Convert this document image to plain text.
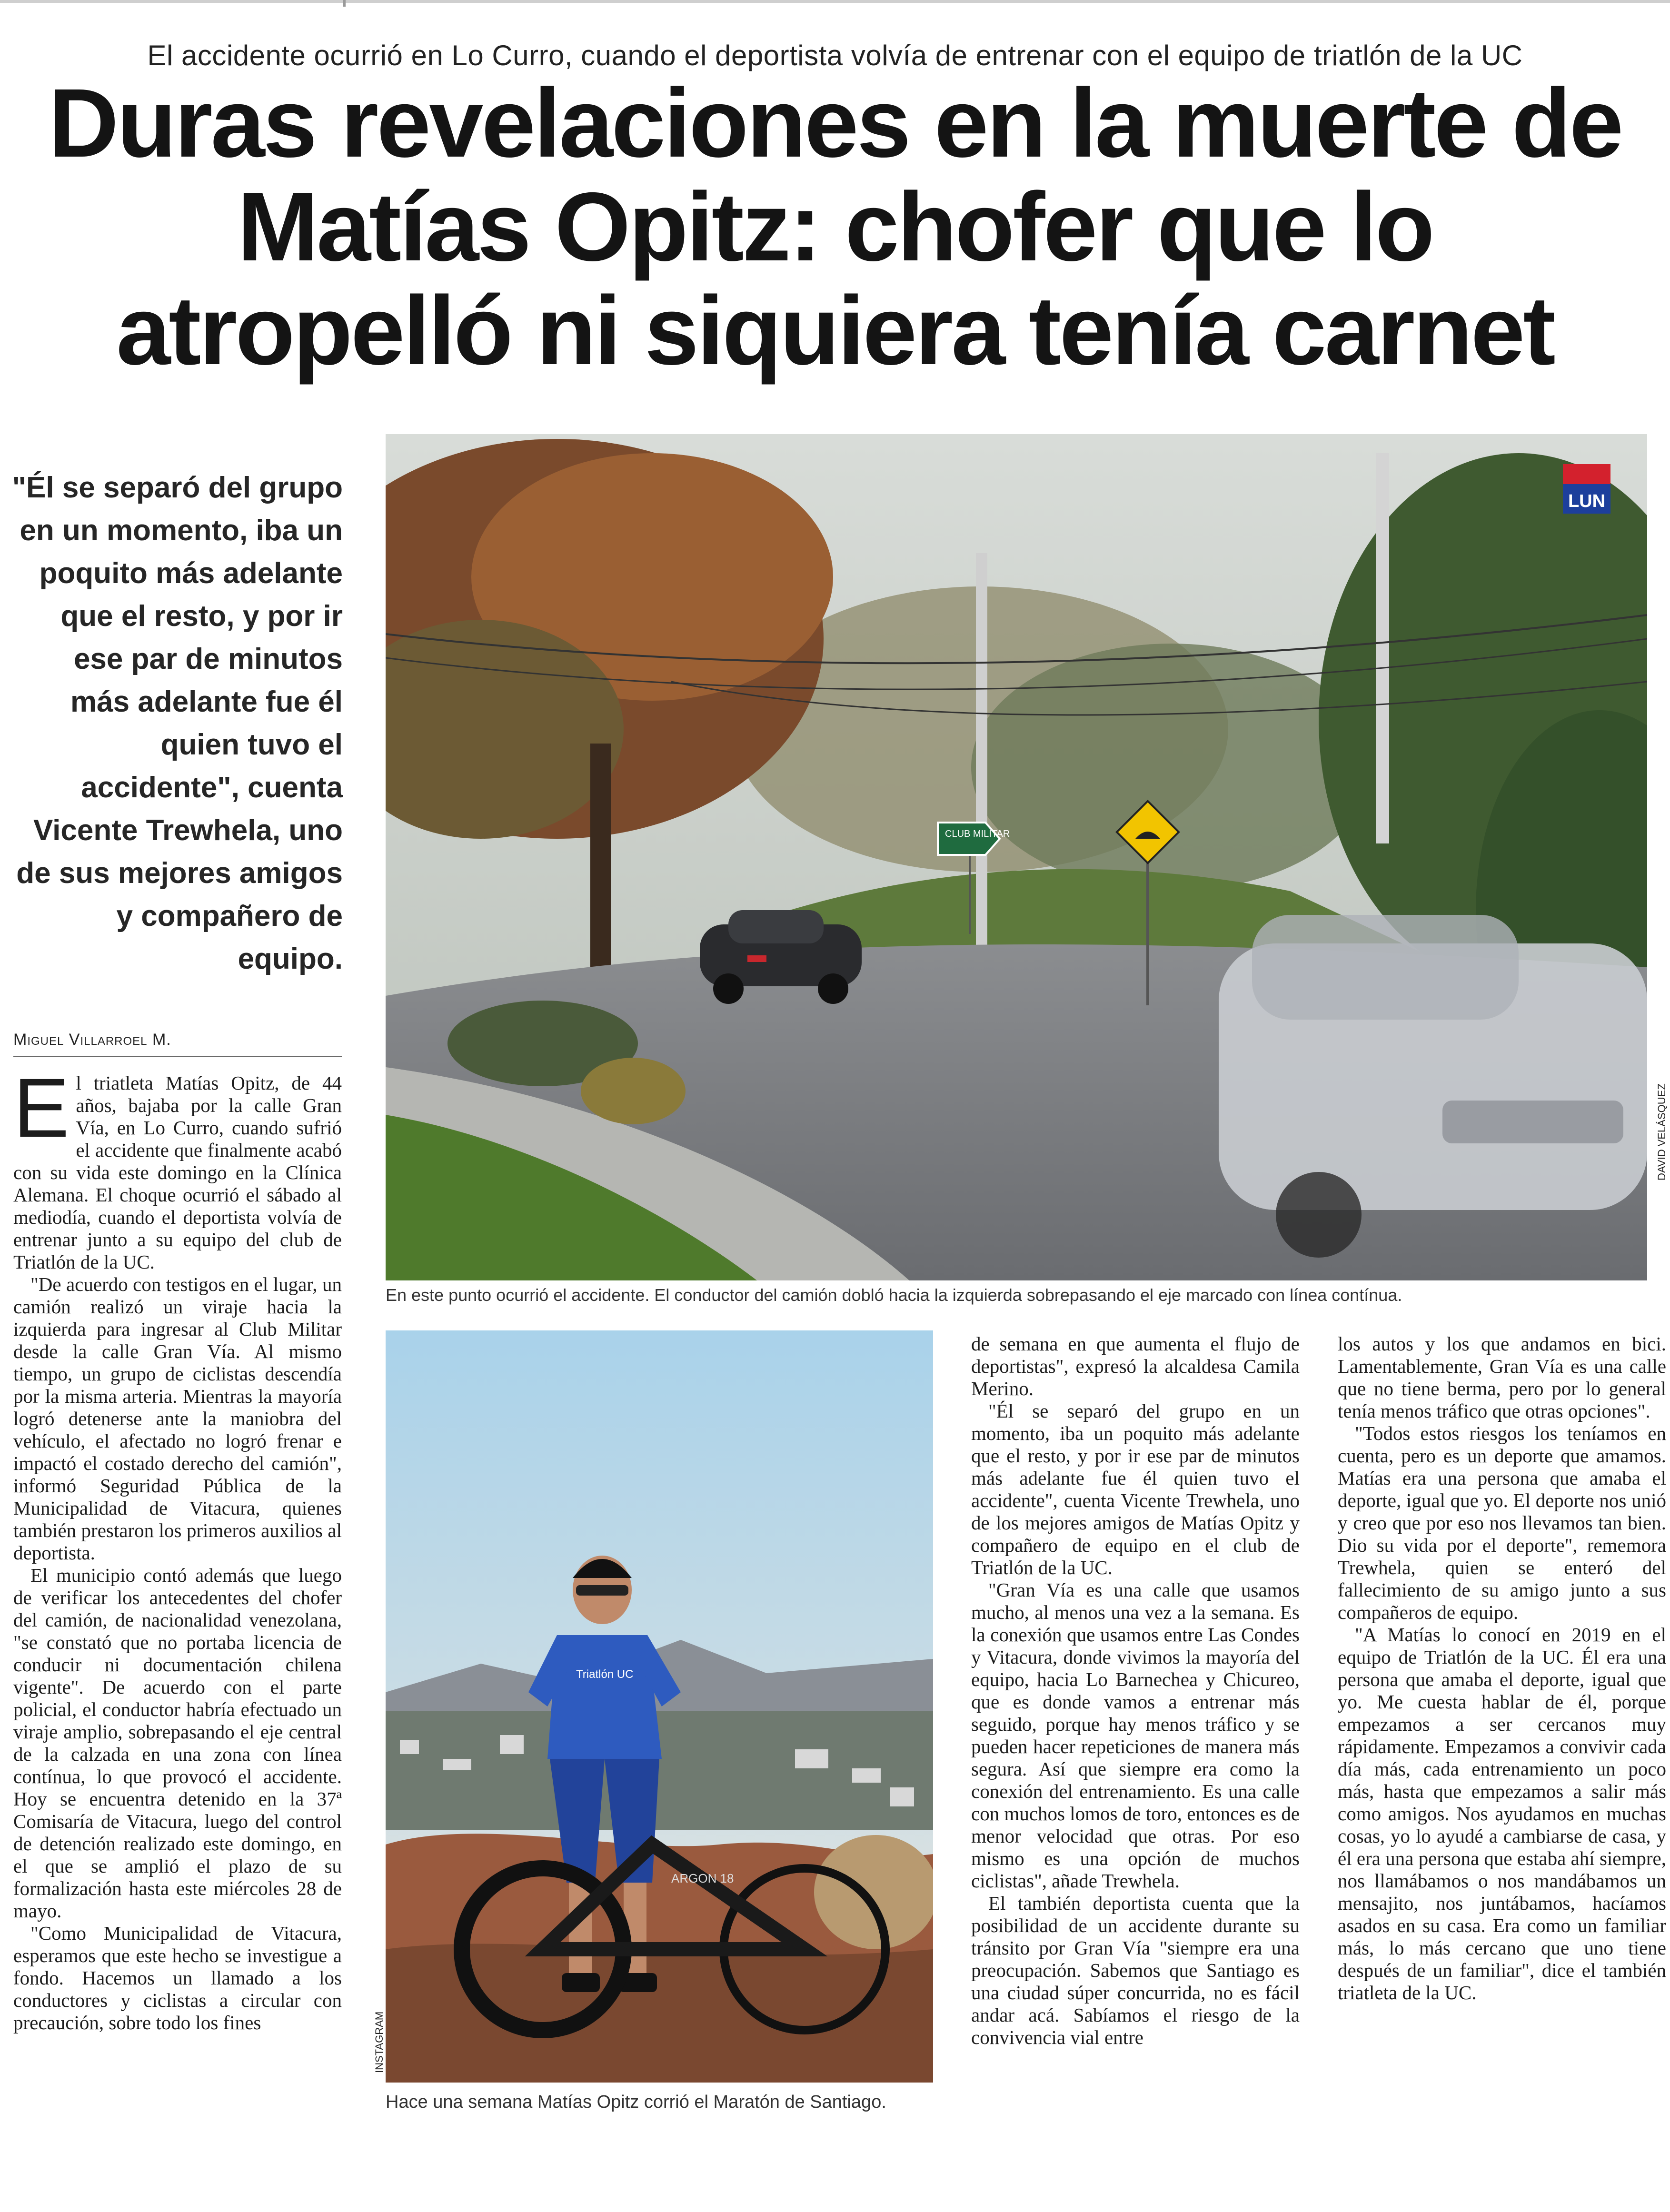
El accidente ocurrió en Lo Curro, cuando el deportista volvía de entrenar con el equipo de triatlón de la UC
Duras revelaciones en la muerte de Matías Opitz: chofer que lo atropelló ni siquiera tenía carnet
"Él se separó del grupo en un momento, iba un poquito más adelante que el resto, y por ir ese par de minutos más adelante fue él quien tuvo el accidente", cuenta Vicente Trewhela, uno de sus mejores amigos y compañero de equipo.
Miguel Villarroel M.
CLUB MILITAR
LUN
DAVID VELÁSQUEZ
En este punto ocurrió el accidente. El conductor del camión dobló hacia la izquierda sobrepasando el eje marcado con línea contínua.
Triatlón UC
ARGON 18
INSTAGRAM
Hace una semana Matías Opitz corrió el Maratón de Santiago.

El triatleta Matías Opitz, de 44 años, bajaba por la calle Gran Vía, en Lo Curro, cuando sufrió el accidente que finalmente acabó con su vida este domingo en la Clínica Alemana. El choque ocurrió el sábado al mediodía, cuando el deportista volvía de entrenar junto a su equipo del club de Triatlón de la UC.

"De acuerdo con testigos en el lugar, un camión realizó un viraje hacia la izquierda para ingresar al Club Militar desde la calle Gran Vía. Al mismo tiempo, un grupo de ciclistas descendía por la misma arteria. Mientras la mayoría logró detenerse ante la maniobra del vehículo, el afectado no logró frenar e impactó el costado derecho del camión", informó Seguridad Pública de la Municipalidad de Vitacura, quienes también prestaron los primeros auxilios al deportista.

El municipio contó además que luego de verificar los antecedentes del chofer del camión, de nacionalidad venezolana, "se constató que no portaba licencia de conducir ni documentación chilena vigente". De acuerdo con el parte policial, el conductor habría efectuado un viraje amplio, sobrepasando el eje central de la calzada en una zona con línea contínua, lo que provocó el accidente. Hoy se encuentra detenido en la 37ª Comisaría de Vitacura, luego del control de detención realizado este domingo, en el que se amplió el plazo de su formalización hasta este miércoles 28 de mayo.

"Como Municipalidad de Vitacura, esperamos que este hecho se investigue a fondo. Hacemos un llamado a los conductores y ciclistas a circular con precaución, sobre todo los fines

de semana en que aumenta el flujo de deportistas", expresó la alcaldesa Camila Merino.

"Él se separó del grupo en un momento, iba un poquito más adelante que el resto, y por ir ese par de minutos más adelante fue él quien tuvo el accidente", cuenta Vicente Trewhela, uno de los mejores amigos de Matías Opitz y compañero de equipo en el club de Triatlón de la UC.

"Gran Vía es una calle que usamos mucho, al menos una vez a la semana. Es la conexión que usamos entre Las Condes y Vitacura, donde vivimos la mayoría del equipo, hacia Lo Barnechea y Chicureo, que es donde vamos a entrenar más seguido, porque hay menos tráfico y se pueden hacer repeticiones de manera más segura. Así que siempre era como la conexión del entrenamiento. Es una calle con muchos lomos de toro, entonces es de menor velocidad que otras. Por eso mismo es una opción de muchos ciclistas", añade Trewhela.

El también deportista cuenta que la posibilidad de un accidente durante su tránsito por Gran Vía "siempre era una preocupación. Sabemos que Santiago es una ciudad súper concurrida, no es fácil andar acá. Sabíamos el riesgo de la convivencia vial entre

los autos y los que andamos en bici. Lamentablemente, Gran Vía es una calle que no tiene berma, pero por lo general tenía menos tráfico que otras opciones".

"Todos estos riesgos los teníamos en cuenta, pero es un deporte que amamos. Matías era una persona que amaba el deporte, igual que yo. El deporte nos unió y creo que por eso nos llevamos tan bien. Dio su vida por el deporte", rememora Trewhela, quien se enteró del fallecimiento de su amigo junto a sus compañeros de equipo.

"A Matías lo conocí en 2019 en el equipo de Triatlón de la UC. Él era una persona que amaba el deporte, igual que yo. Me cuesta hablar de él, porque empezamos a ser cercanos muy rápidamente. Empezamos a convivir cada día más, cada entrenamiento un poco más, hasta que empezamos a salir más como amigos. Nos ayudamos en muchas cosas, yo lo ayudé a cambiarse de casa, y él era una persona que estaba ahí siempre, nos llamábamos o nos mandábamos un mensajito, nos juntábamos, hacíamos asados en su casa. Era como un familiar más, lo más cercano que uno tiene después de un familiar", dice el también triatleta de la UC.
